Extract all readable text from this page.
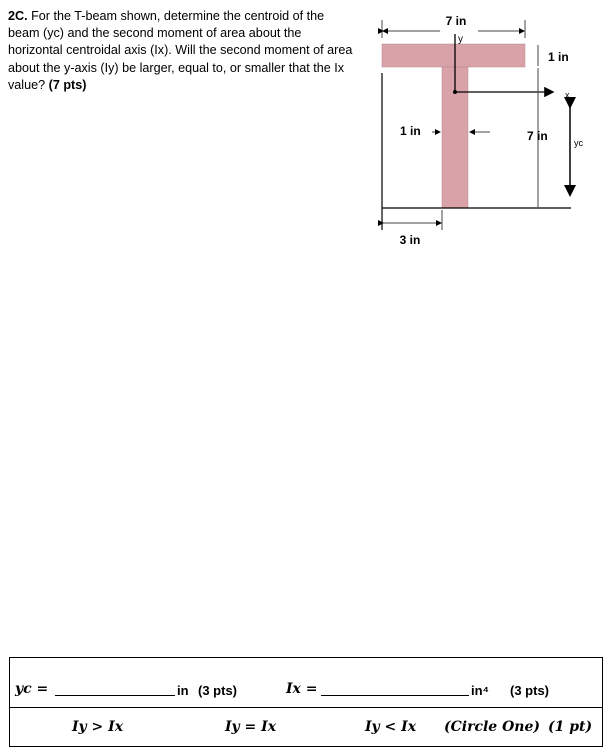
2C. For the T-beam shown, determine the centroid of the beam (yc) and the second moment of area about the horizontal centroidal axis (Ix). Will the second moment of area about the y-axis (Iy) be larger, equal to, or smaller that the Ix value? (7 pts)
7 in
y
x
1 in
7 in	yc
1 in
3 in
yc =	in (3 pts)	Ix =	in⁴ (3 pts)
Iy > Ix	Iy = Ix	Iy < Ix (Circle One) (1 pt)
